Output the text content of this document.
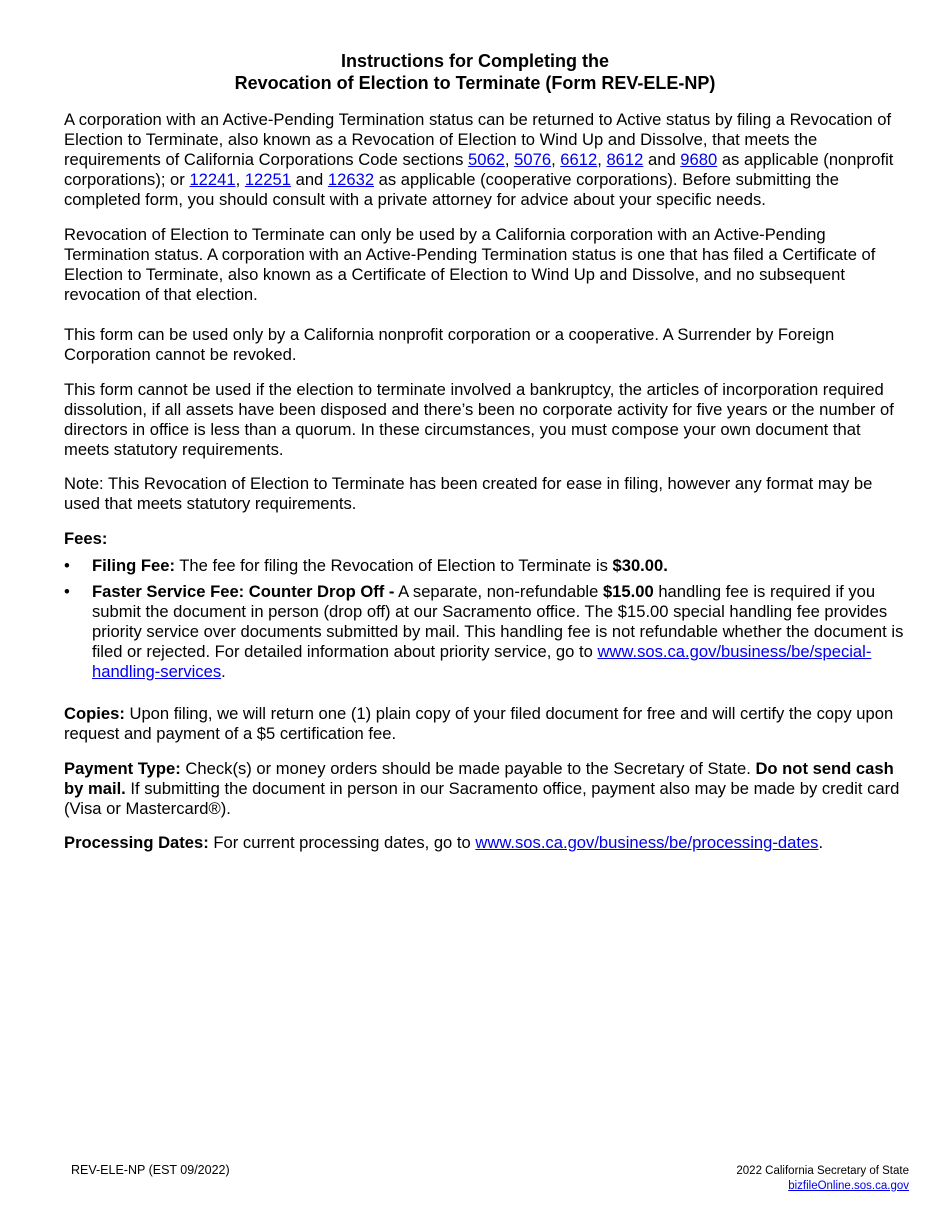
Instructions for Completing the
Revocation of Election to Terminate (Form REV-ELE-NP)

A corporation with an Active-Pending Termination status can be returned to Active status by filing a Revocation of Election to Terminate, also known as a Revocation of Election to Wind Up and Dissolve, that meets the requirements of California Corporations Code sections 5062, 5076, 6612, 8612 and 9680 as applicable (nonprofit corporations); or 12241, 12251 and 12632 as applicable (cooperative corporations). Before submitting the completed form, you should consult with a private attorney for advice about your specific needs.

Revocation of Election to Terminate can only be used by a California corporation with an Active-Pending Termination status. A corporation with an Active-Pending Termination status is one that has filed a Certificate of Election to Terminate, also known as a Certificate of Election to Wind Up and Dissolve, and no subsequent revocation of that election.

This form can be used only by a California nonprofit corporation or a cooperative. A Surrender by Foreign Corporation cannot be revoked.

This form cannot be used if the election to terminate involved a bankruptcy, the articles of incorporation required dissolution, if all assets have been disposed and there’s been no corporate activity for five years or the number of directors in office is less than a quorum. In these circumstances, you must compose your own document that meets statutory requirements.

Note: This Revocation of Election to Terminate has been created for ease in filing, however any format may be used that meets statutory requirements.

Fees:
• Filing Fee: The fee for filing the Revocation of Election to Terminate is $30.00.
• Faster Service Fee: Counter Drop Off - A separate, non-refundable $15.00 handling fee is required if you submit the document in person (drop off) at our Sacramento office. The $15.00 special handling fee provides priority service over documents submitted by mail. This handling fee is not refundable whether the document is filed or rejected. For detailed information about priority service, go to www.sos.ca.gov/business/be/special-handling-services.

Copies: Upon filing, we will return one (1) plain copy of your filed document for free and will certify the copy upon request and payment of a $5 certification fee.

Payment Type: Check(s) or money orders should be made payable to the Secretary of State. Do not send cash by mail. If submitting the document in person in our Sacramento office, payment also may be made by credit card (Visa or Mastercard®).

Processing Dates: For current processing dates, go to www.sos.ca.gov/business/be/processing-dates.

REV-ELE-NP (EST 09/2022)	2022 California Secretary of State
bizfileOnline.sos.ca.gov
